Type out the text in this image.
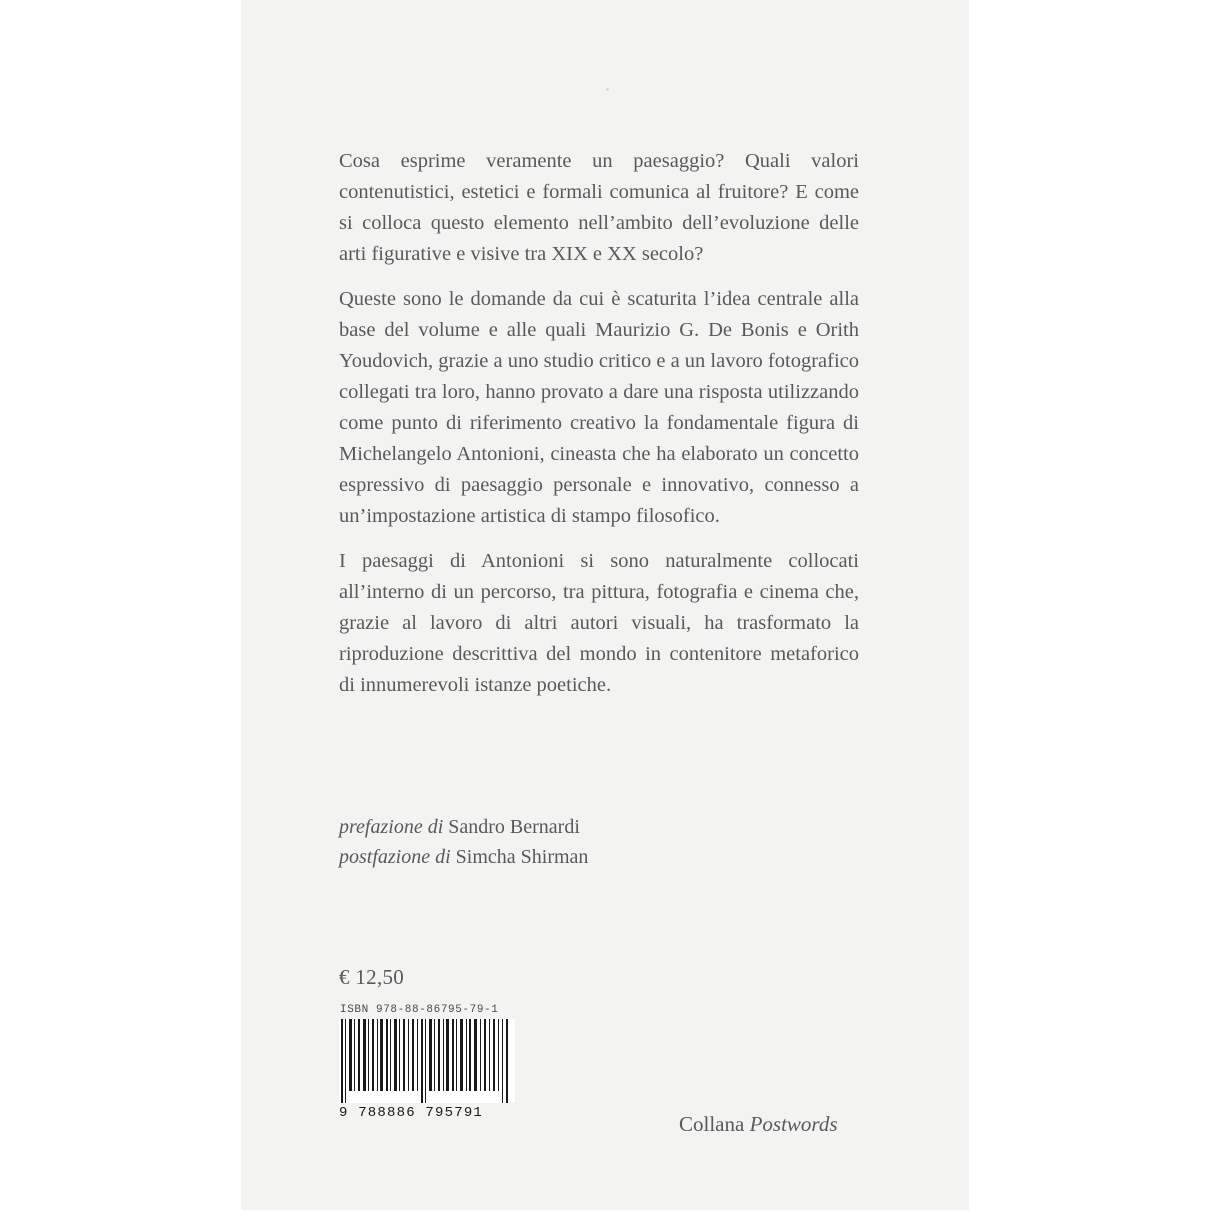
Cosa esprime veramente un paesaggio? Quali valori contenutistici, estetici e formali comunica al fruitore? E come si colloca questo elemento nell’ambito dell’evoluzione delle arti figurative e visive tra XIX e XX secolo?

Queste sono le domande da cui è scaturita l’idea centrale alla base del volume e alle quali Maurizio G. De Bonis e Orith Youdovich, grazie a uno studio critico e a un lavoro fotografico collegati tra loro, hanno provato a dare una risposta utilizzando come punto di riferimento creativo la fondamentale figura di Michelangelo Antonioni, cineasta che ha elaborato un concetto espressivo di paesaggio personale e innovativo, connesso a un’impostazione artistica di stampo filosofico.

I paesaggi di Antonioni si sono naturalmente collocati all’interno di un percorso, tra pittura, fotografia e cinema che, grazie al lavoro di altri autori visuali, ha trasformato la riproduzione descrittiva del mondo in contenitore metaforico di innumerevoli istanze poetiche.

prefazione di Sandro Bernardi
postfazione di Simcha Shirman
€ 12,50
ISBN 978-88-86795-79-1
9 788886 795791	Collana Postwords
